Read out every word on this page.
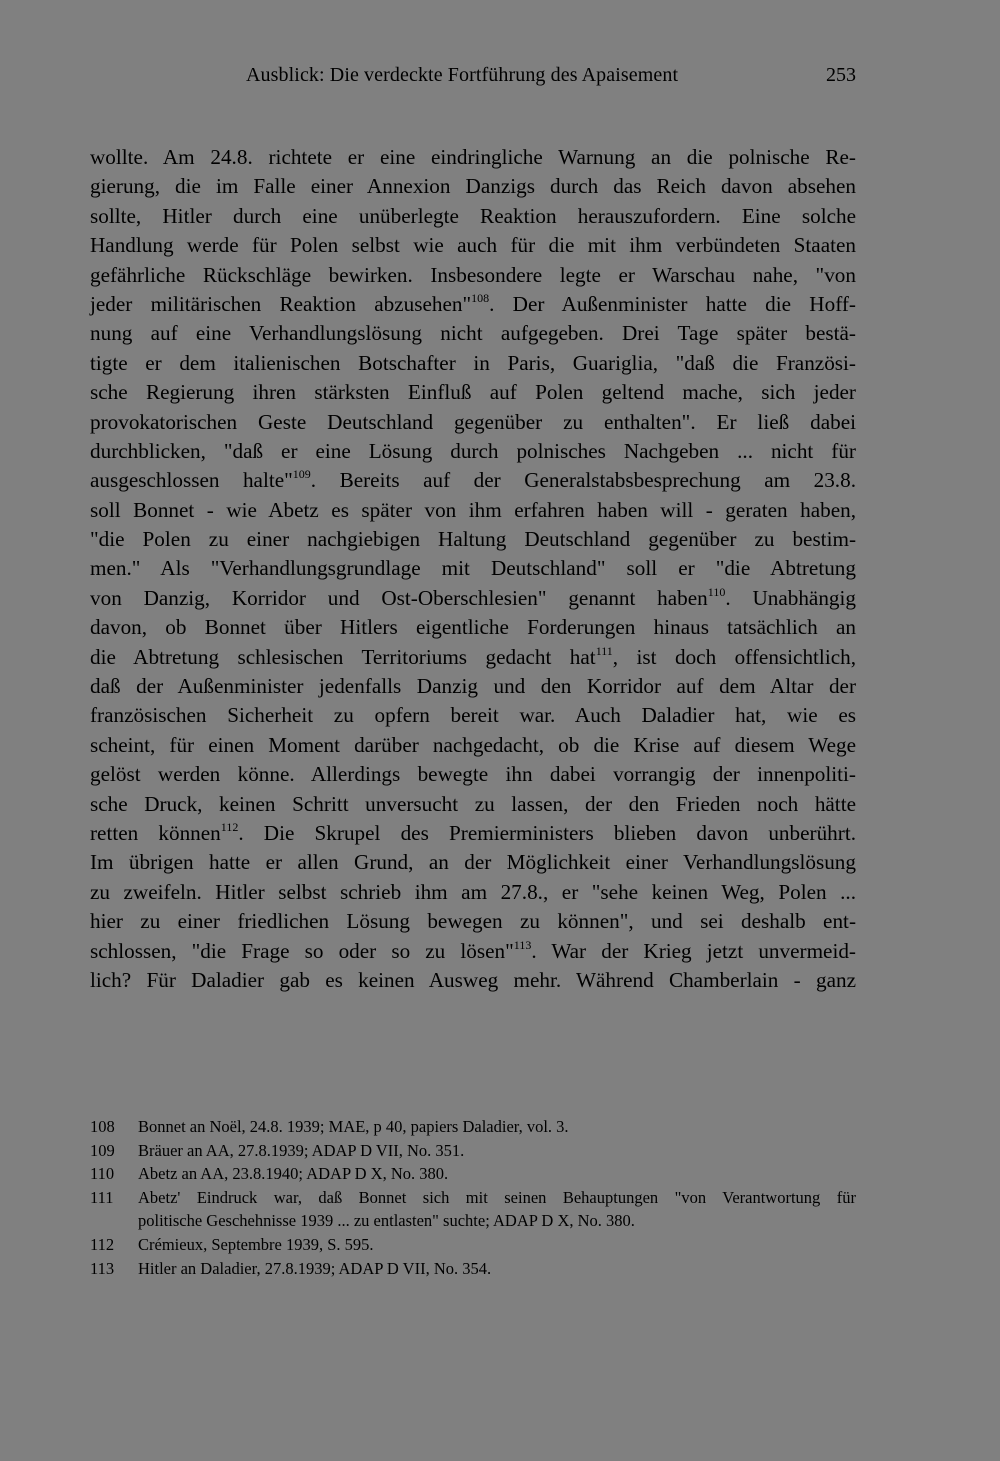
Ausblick: Die verdeckte Fortführung des Apaisement	253
wollte. Am 24.8. richtete er eine eindringliche Warnung an die polnische Re-
gierung, die im Falle einer Annexion Danzigs durch das Reich davon absehen
sollte, Hitler durch eine unüberlegte Reaktion herauszufordern. Eine solche
Handlung werde für Polen selbst wie auch für die mit ihm verbündeten Staaten
gefährliche Rückschläge bewirken. Insbesondere legte er Warschau nahe, "von
jeder militärischen Reaktion abzusehen"$^{108}$. Der Außenminister hatte die Hoff-
nung auf eine Verhandlungslösung nicht aufgegeben. Drei Tage später bestä-
tigte er dem italienischen Botschafter in Paris, Guariglia, "daß die Französi-
sche Regierung ihren stärksten Einfluß auf Polen geltend mache, sich jeder
provokatorischen Geste Deutschland gegenüber zu enthalten". Er ließ dabei
durchblicken, "daß er eine Lösung durch polnisches Nachgeben ... nicht für
ausgeschlossen halte"$^{109}$. Bereits auf der Generalstabsbesprechung am 23.8.
soll Bonnet - wie Abetz es später von ihm erfahren haben will - geraten haben,
"die Polen zu einer nachgiebigen Haltung Deutschland gegenüber zu bestim-
men." Als "Verhandlungsgrundlage mit Deutschland" soll er "die Abtretung
von Danzig, Korridor und Ost-Oberschlesien" genannt haben$^{110}$. Unabhängig
davon, ob Bonnet über Hitlers eigentliche Forderungen hinaus tatsächlich an
die Abtretung schlesischen Territoriums gedacht hat$^{111}$, ist doch offensichtlich,
daß der Außenminister jedenfalls Danzig und den Korridor auf dem Altar der
französischen Sicherheit zu opfern bereit war. Auch Daladier hat, wie es
scheint, für einen Moment darüber nachgedacht, ob die Krise auf diesem Wege
gelöst werden könne. Allerdings bewegte ihn dabei vorrangig der innenpoliti-
sche Druck, keinen Schritt unversucht zu lassen, der den Frieden noch hätte
retten können$^{112}$. Die Skrupel des Premierministers blieben davon unberührt.
Im übrigen hatte er allen Grund, an der Möglichkeit einer Verhandlungslösung
zu zweifeln. Hitler selbst schrieb ihm am 27.8., er "sehe keinen Weg, Polen ...
hier zu einer friedlichen Lösung bewegen zu können", und sei deshalb ent-
schlossen, "die Frage so oder so zu lösen"$^{113}$. War der Krieg jetzt unvermeid-
lich? Für Daladier gab es keinen Ausweg mehr. Während Chamberlain - ganz
108 Bonnet an Noël, 24.8. 1939; MAE, p 40, papiers Daladier, vol. 3.
109 Bräuer an AA, 27.8.1939; ADAP D VII, No. 351.
110 Abetz an AA, 23.8.1940; ADAP D X, No. 380.
111 Abetz' Eindruck war, daß Bonnet sich mit seinen Behauptungen "von Verantwortung für
politische Geschehnisse 1939 ... zu entlasten" suchte; ADAP D X, No. 380.
112 Crémieux, Septembre 1939, S. 595.
113 Hitler an Daladier, 27.8.1939; ADAP D VII, No. 354.
